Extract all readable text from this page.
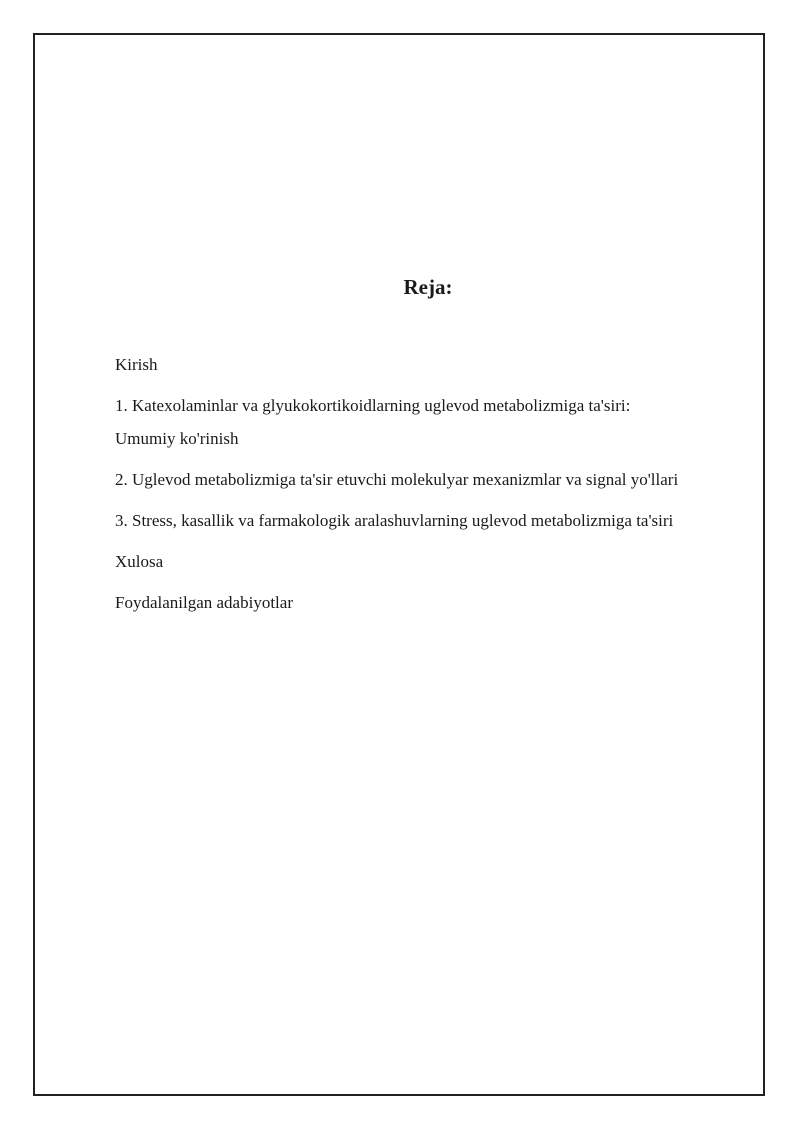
Reja:
Kirish
1. Katexolaminlar va glyukokortikoidlarning uglevod metabolizmiga ta'siri:
Umumiy ko'rinish
2. Uglevod metabolizmiga ta'sir etuvchi molekulyar mexanizmlar va signal yo'llari
3. Stress, kasallik va farmakologik aralashuvlarning uglevod metabolizmiga ta'siri
Xulosa
Foydalanilgan adabiyotlar
